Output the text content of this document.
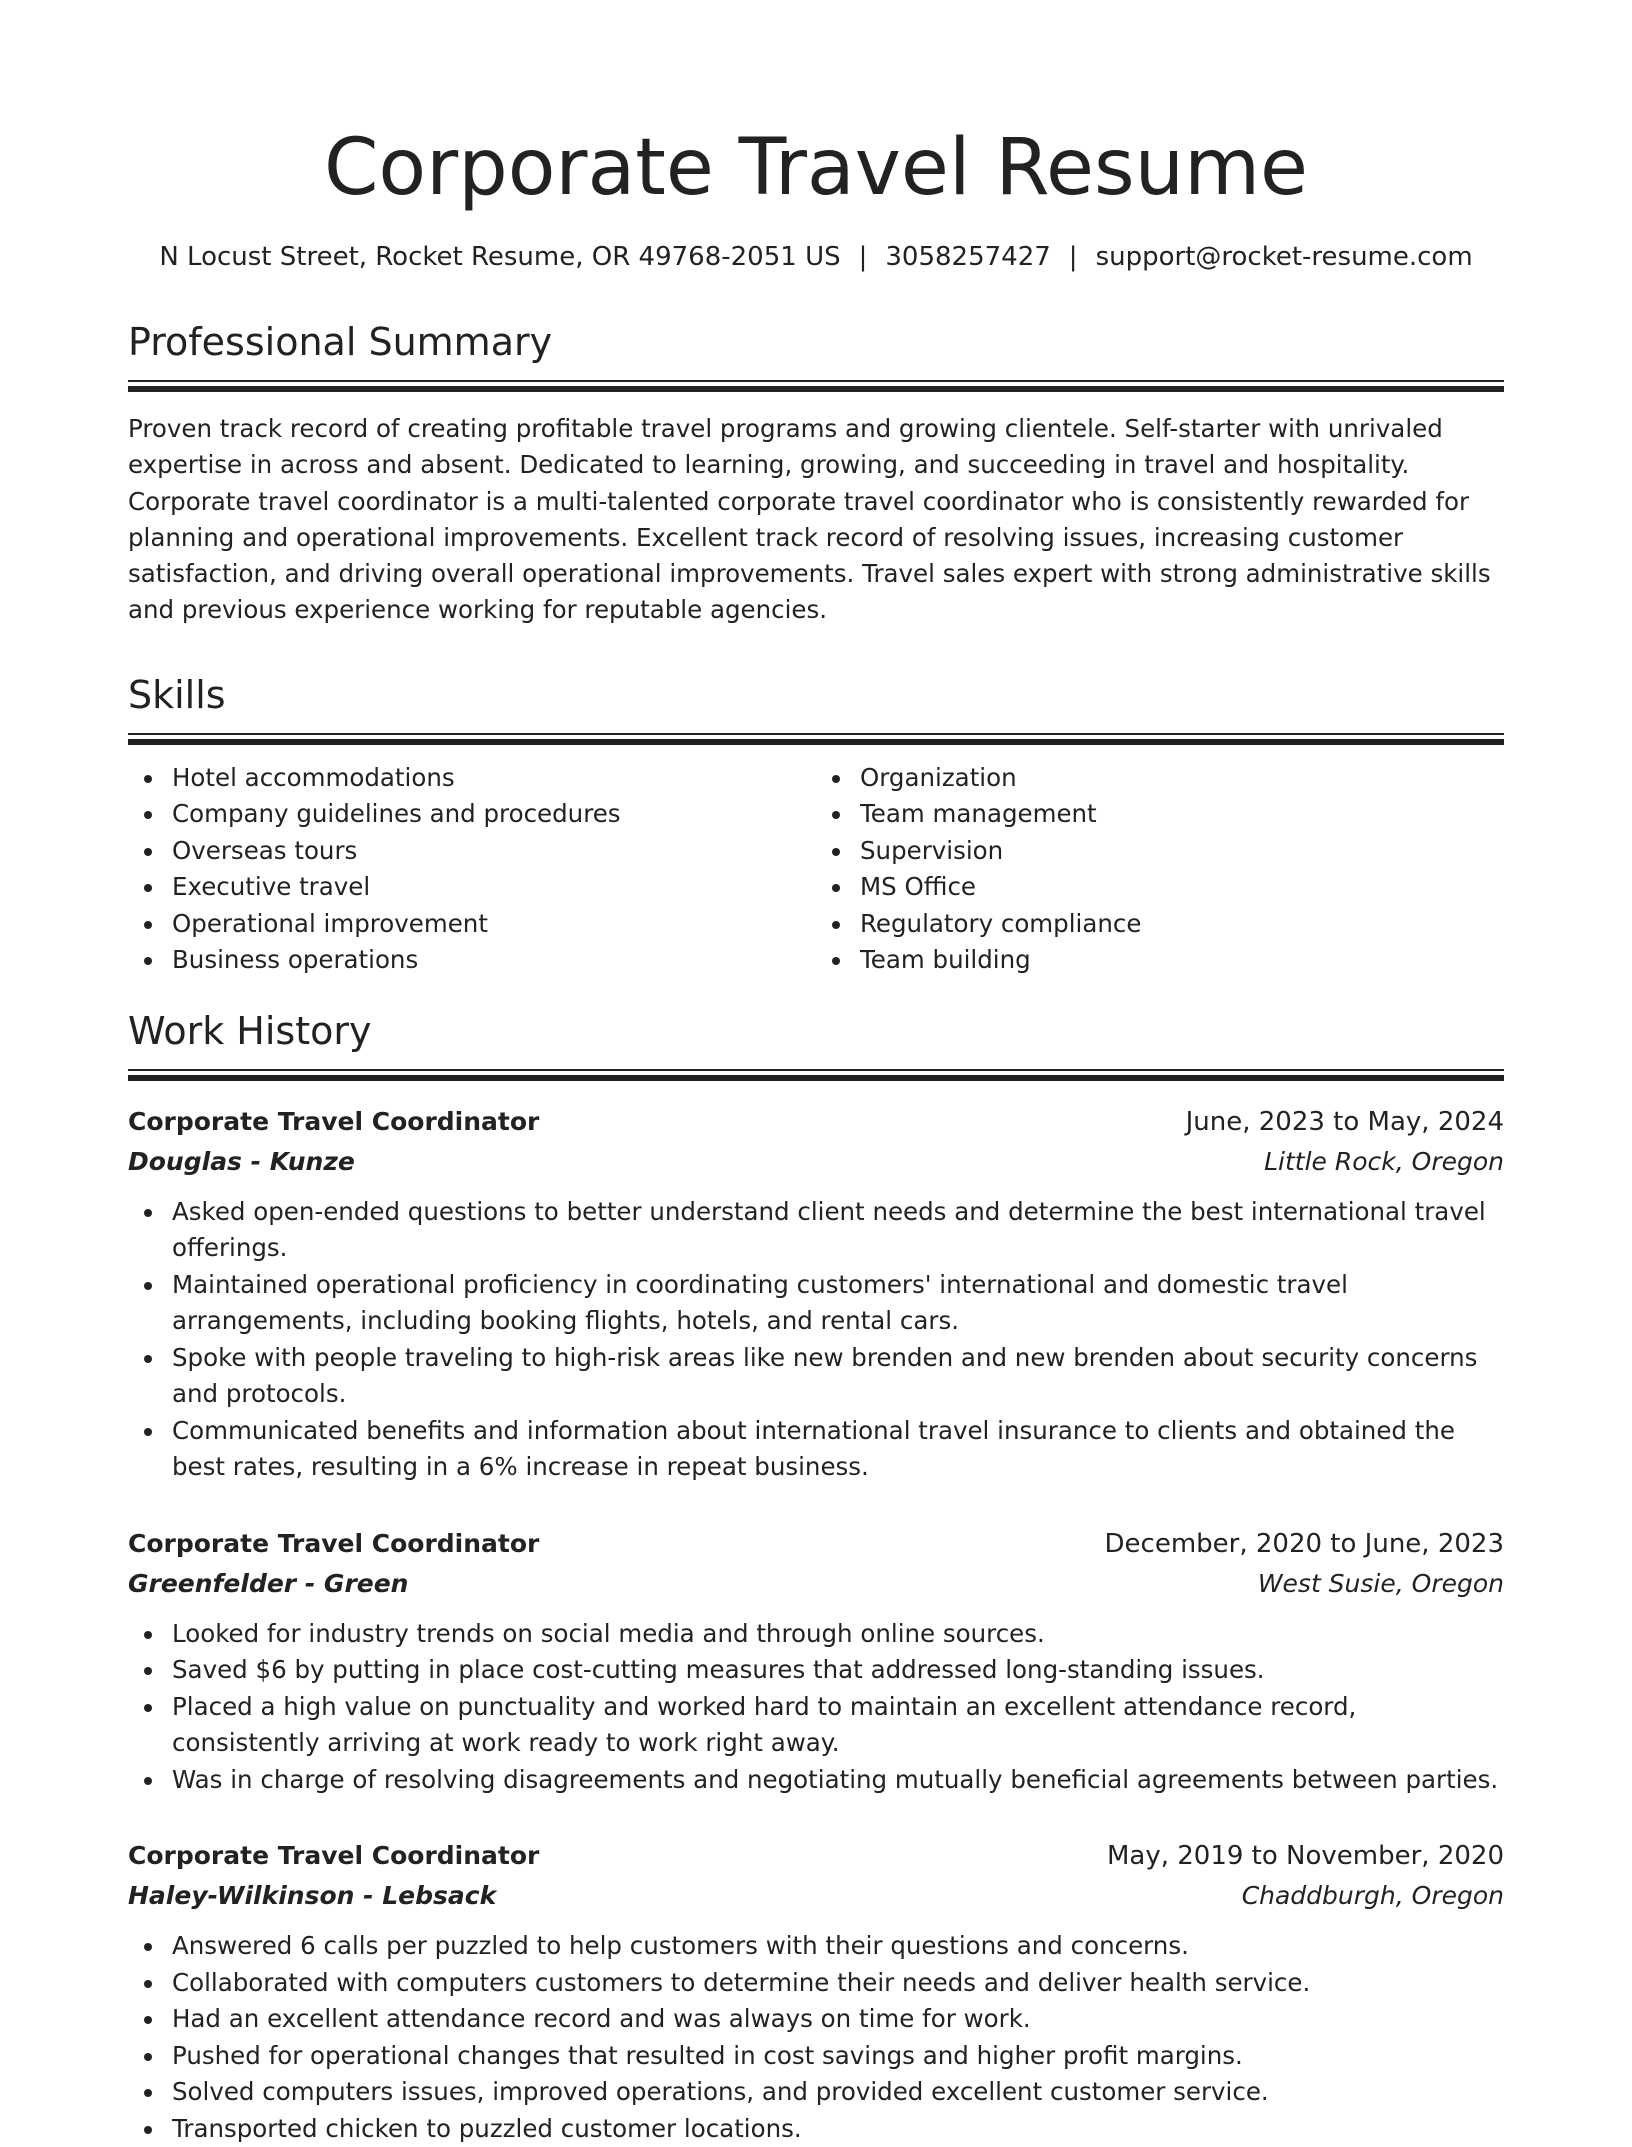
Corporate Travel Resume
N Locust Street, Rocket Resume, OR 49768-2051 US | 3058257427 | support@rocket-resume.com
Professional Summary

Proven track record of creating profitable travel programs and growing clientele. Self-starter with unrivaled expertise in across and absent. Dedicated to learning, growing, and succeeding in travel and hospitality. Corporate travel coordinator is a multi-talented corporate travel coordinator who is consistently rewarded for planning and operational improvements. Excellent track record of resolving issues, increasing customer satisfaction, and driving overall operational improvements. Travel sales expert with strong administrative skills and previous experience working for reputable agencies.

Skills
Hotel accommodations
Company guidelines and procedures
Overseas tours
Executive travel
Operational improvement
Business operations
Organization
Team management
Supervision
MS Office
Regulatory compliance
Team building
Work History
Corporate Travel Coordinator	June, 2023 to May, 2024
Douglas - Kunze	Little Rock, Oregon
Asked open-ended questions to better understand client needs and determine the best international travel offerings.
Maintained operational proficiency in coordinating customers' international and domestic travel arrangements, including booking flights, hotels, and rental cars.
Spoke with people traveling to high-risk areas like new brenden and new brenden about security concerns and protocols.
Communicated benefits and information about international travel insurance to clients and obtained the best rates, resulting in a 6% increase in repeat business.
Corporate Travel Coordinator	December, 2020 to June, 2023
Greenfelder - Green	West Susie, Oregon
Looked for industry trends on social media and through online sources.
Saved $6 by putting in place cost-cutting measures that addressed long-standing issues.
Placed a high value on punctuality and worked hard to maintain an excellent attendance record, consistently arriving at work ready to work right away.
Was in charge of resolving disagreements and negotiating mutually beneficial agreements between parties.
Corporate Travel Coordinator	May, 2019 to November, 2020
Haley-Wilkinson - Lebsack	Chaddburgh, Oregon
Answered 6 calls per puzzled to help customers with their questions and concerns.
Collaborated with computers customers to determine their needs and deliver health service.
Had an excellent attendance record and was always on time for work.
Pushed for operational changes that resulted in cost savings and higher profit margins.
Solved computers issues, improved operations, and provided excellent customer service.
Transported chicken to puzzled customer locations.
